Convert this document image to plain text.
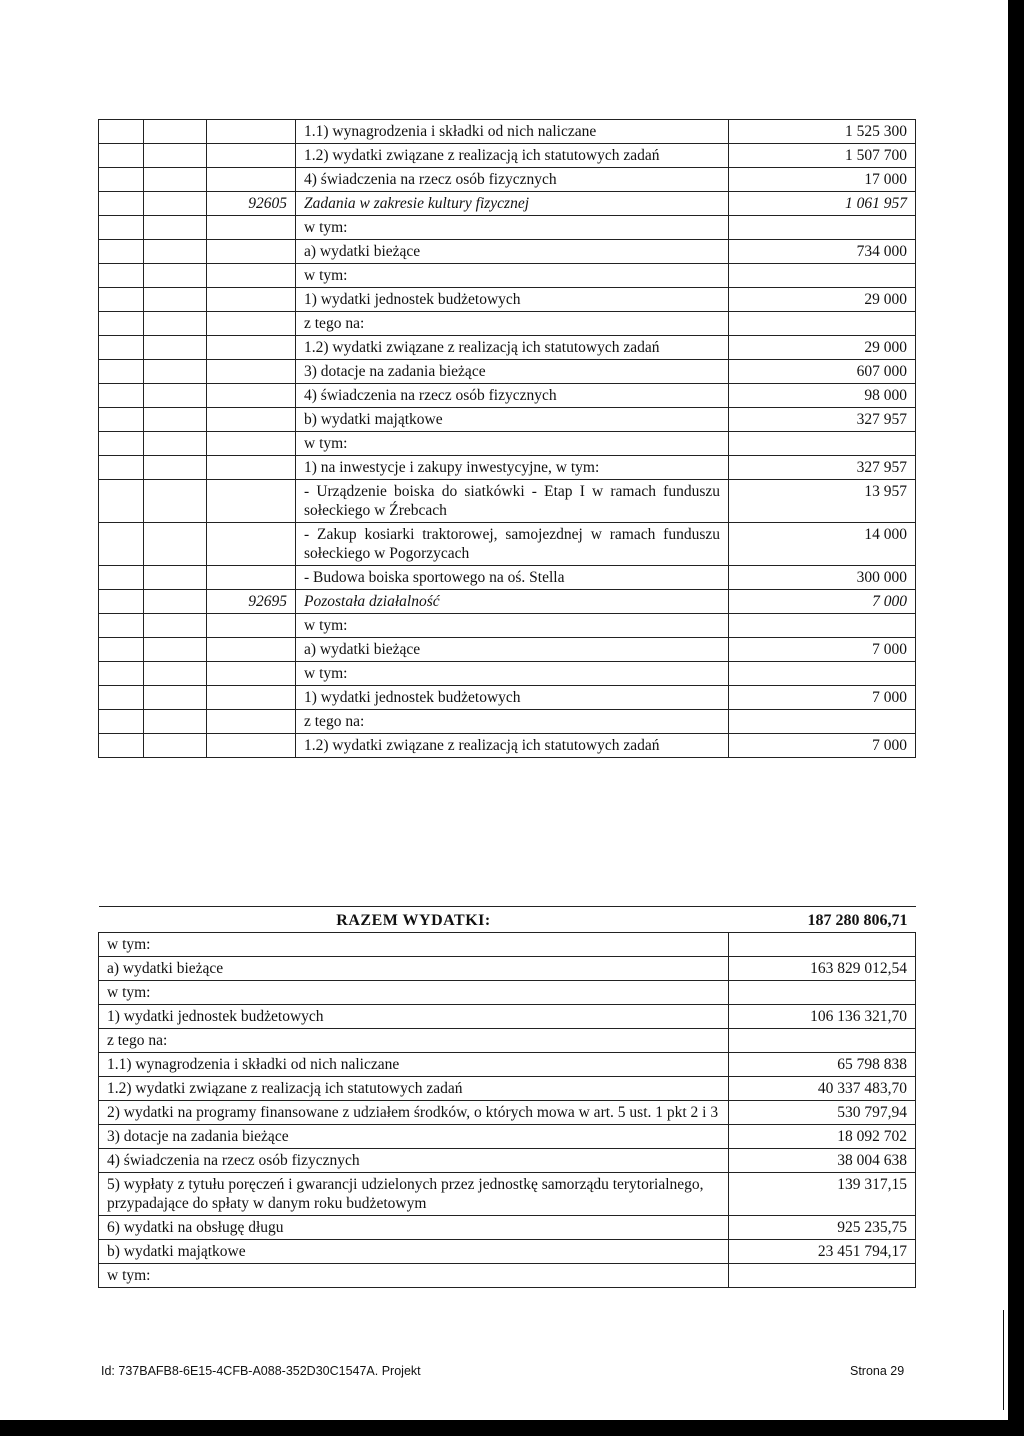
			1.1) wynagrodzenia i składki od nich naliczane	1 525 300
			1.2) wydatki związane z realizacją ich statutowych zadań	1 507 700
			4) świadczenia na rzecz osób fizycznych	17 000
		92605	Zadania w zakresie kultury fizycznej	1 061 957
			w tym:	
			a) wydatki bieżące	734 000
			w tym:	
			1) wydatki jednostek budżetowych	29 000
			z tego na:	
			1.2) wydatki związane z realizacją ich statutowych zadań	29 000
			3) dotacje na zadania bieżące	607 000
			4) świadczenia na rzecz osób fizycznych	98 000
			b) wydatki majątkowe	327 957
			w tym:	
			1) na inwestycje i zakupy inwestycyjne, w tym:	327 957
			- Urządzenie boiska do siatkówki - Etap I w ramach funduszu sołeckiego w Źrebcach	13 957
			- Zakup kosiarki traktorowej, samojezdnej w ramach funduszu sołeckiego w Pogorzycach	14 000
			- Budowa boiska sportowego na oś. Stella	300 000
		92695	Pozostała działalność	7 000
			w tym:	
			a) wydatki bieżące	7 000
			w tym:	
			1) wydatki jednostek budżetowych	7 000
			z tego na:	
			1.2) wydatki związane z realizacją ich statutowych zadań	7 000
RAZEM WYDATKI:	187 280 806,71
w tym:	
a) wydatki bieżące	163 829 012,54
w tym:	
1) wydatki jednostek budżetowych	106 136 321,70
z tego na:	
1.1) wynagrodzenia i składki od nich naliczane	65 798 838
1.2) wydatki związane z realizacją ich statutowych zadań	40 337 483,70
2) wydatki na programy finansowane z udziałem środków, o których mowa w art. 5 ust. 1 pkt 2 i 3	530 797,94
3) dotacje na zadania bieżące	18 092 702
4) świadczenia na rzecz osób fizycznych	38 004 638
5) wypłaty z tytułu poręczeń i gwarancji udzielonych przez jednostkę samorządu terytorialnego, przypadające do spłaty w danym roku budżetowym	139 317,15
6) wydatki na obsługę długu	925 235,75
b) wydatki majątkowe	23 451 794,17
w tym:	
Id: 737BAFB8-6E15-4CFB-A088-352D30C1547A. Projekt	Strona 29
